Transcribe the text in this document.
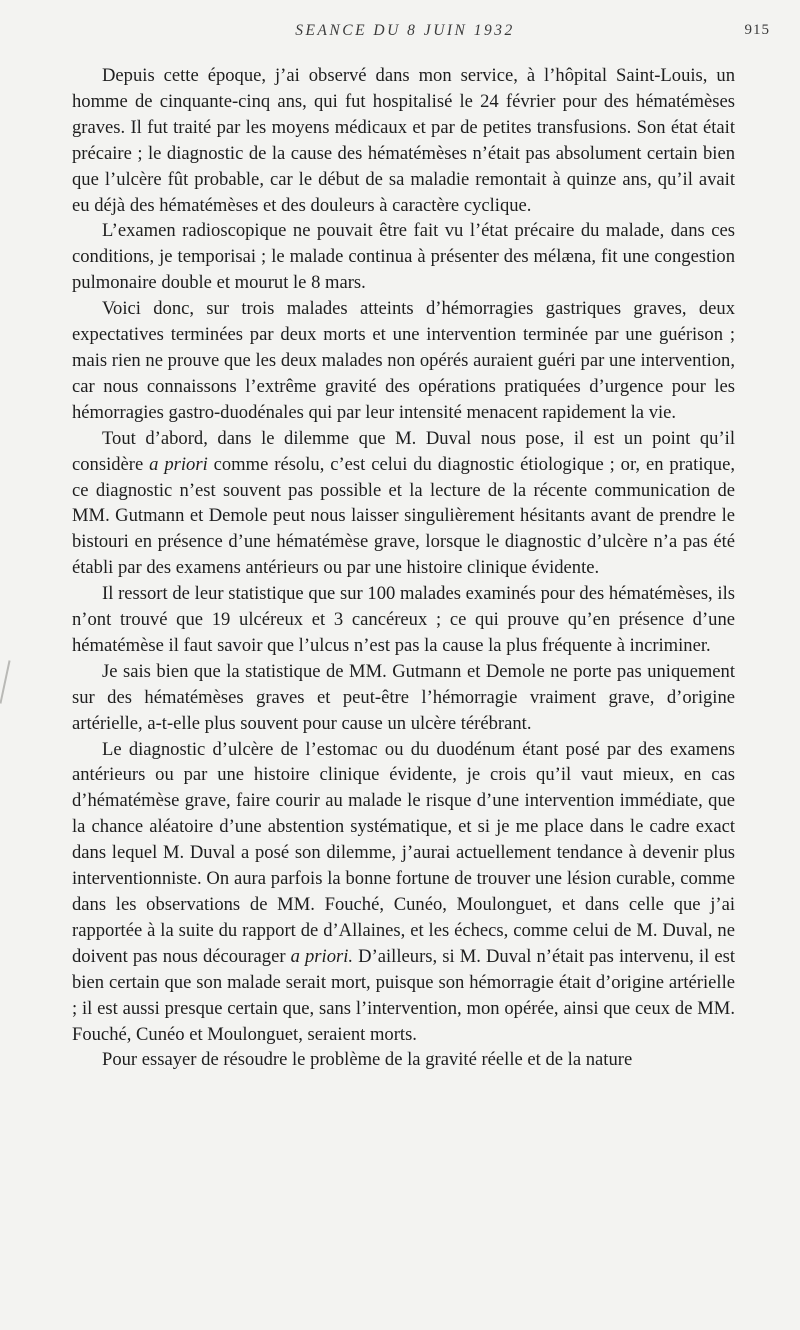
SEANCE DU 8 JUIN 1932	915

Depuis cette époque, j’ai observé dans mon service, à l’hôpital Saint-Louis, un homme de cinquante-cinq ans, qui fut hospitalisé le 24 février pour des hématémèses graves. Il fut traité par les moyens médicaux et par de petites transfusions. Son état était précaire ; le diagnostic de la cause des hématémèses n’était pas absolument certain bien que l’ulcère fût probable, car le début de sa maladie remontait à quinze ans, qu’il avait eu déjà des hématémèses et des douleurs à caractère cyclique.

L’examen radioscopique ne pouvait être fait vu l’état précaire du malade, dans ces conditions, je temporisai ; le malade continua à présenter des mélæna, fit une congestion pulmonaire double et mourut le 8 mars.

Voici donc, sur trois malades atteints d’hémorragies gastriques graves, deux expectatives terminées par deux morts et une intervention terminée par une guérison ; mais rien ne prouve que les deux malades non opérés auraient guéri par une intervention, car nous connaissons l’extrême gravité des opérations pratiquées d’urgence pour les hémorragies gastro-duodénales qui par leur intensité menacent rapidement la vie.

Tout d’abord, dans le dilemme que M. Duval nous pose, il est un point qu’il considère a priori comme résolu, c’est celui du diagnostic étiologique ; or, en pratique, ce diagnostic n’est souvent pas possible et la lecture de la récente communication de MM. Gutmann et Demole peut nous laisser singulièrement hésitants avant de prendre le bistouri en présence d’une hématémèse grave, lorsque le diagnostic d’ulcère n’a pas été établi par des examens antérieurs ou par une histoire clinique évidente.

Il ressort de leur statistique que sur 100 malades examinés pour des hématémèses, ils n’ont trouvé que 19 ulcéreux et 3 cancéreux ; ce qui prouve qu’en présence d’une hématémèse il faut savoir que l’ulcus n’est pas la cause la plus fréquente à incriminer.

Je sais bien que la statistique de MM. Gutmann et Demole ne porte pas uniquement sur des hématémèses graves et peut-être l’hémorragie vraiment grave, d’origine artérielle, a-t-elle plus souvent pour cause un ulcère térébrant.

Le diagnostic d’ulcère de l’estomac ou du duodénum étant posé par des examens antérieurs ou par une histoire clinique évidente, je crois qu’il vaut mieux, en cas d’hématémèse grave, faire courir au malade le risque d’une intervention immédiate, que la chance aléatoire d’une abstention systématique, et si je me place dans le cadre exact dans lequel M. Duval a posé son dilemme, j’aurai actuellement tendance à devenir plus interventionniste. On aura parfois la bonne fortune de trouver une lésion curable, comme dans les observations de MM. Fouché, Cunéo, Moulonguet, et dans celle que j’ai rapportée à la suite du rapport de d’Allaines, et les échecs, comme celui de M. Duval, ne doivent pas nous décourager a priori. D’ailleurs, si M. Duval n’était pas intervenu, il est bien certain que son malade serait mort, puisque son hémorragie était d’origine artérielle ; il est aussi presque certain que, sans l’intervention, mon opérée, ainsi que ceux de MM. Fouché, Cunéo et Moulonguet, seraient morts.

Pour essayer de résoudre le problème de la gravité réelle et de la nature
